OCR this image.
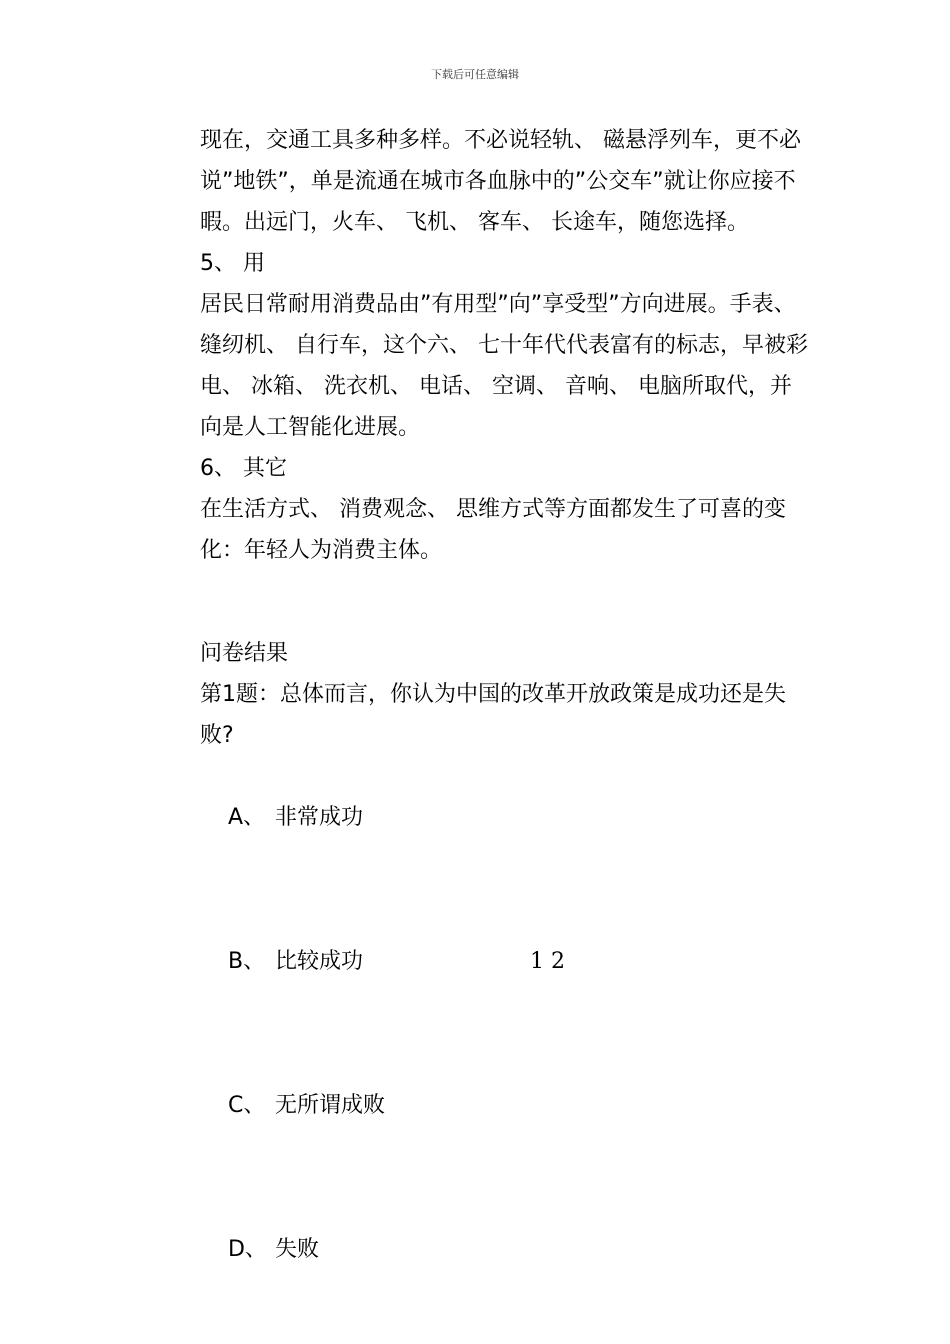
下载后可任意编辑

现在，交通工具多种多样。不必说轻轨、 磁悬浮列车，更不必说”地铁”，单是流通在城市各血脉中的”公交车”就让你应接不暇。出远门，火车、 飞机、 客车、 长途车，随您选择。

5、 用

居民日常耐用消费品由”有用型”向”享受型”方向进展。手表、 缝纫机、 自行车，这个六、 七十年代代表富有的标志，早被彩电、 冰箱、 洗衣机、 电话、 空调、 音响、 电脑所取代，并向是人工智能化进展。

6、 其它

在生活方式、 消费观念、 思维方式等方面都发生了可喜的变化：年轻人为消费主体。

问卷结果

第1题：总体而言，你认为中国的改革开放政策是成功还是失败?

A、 非常成功

B、 比较成功	1 2

C、 无所谓成败

D、 失败
